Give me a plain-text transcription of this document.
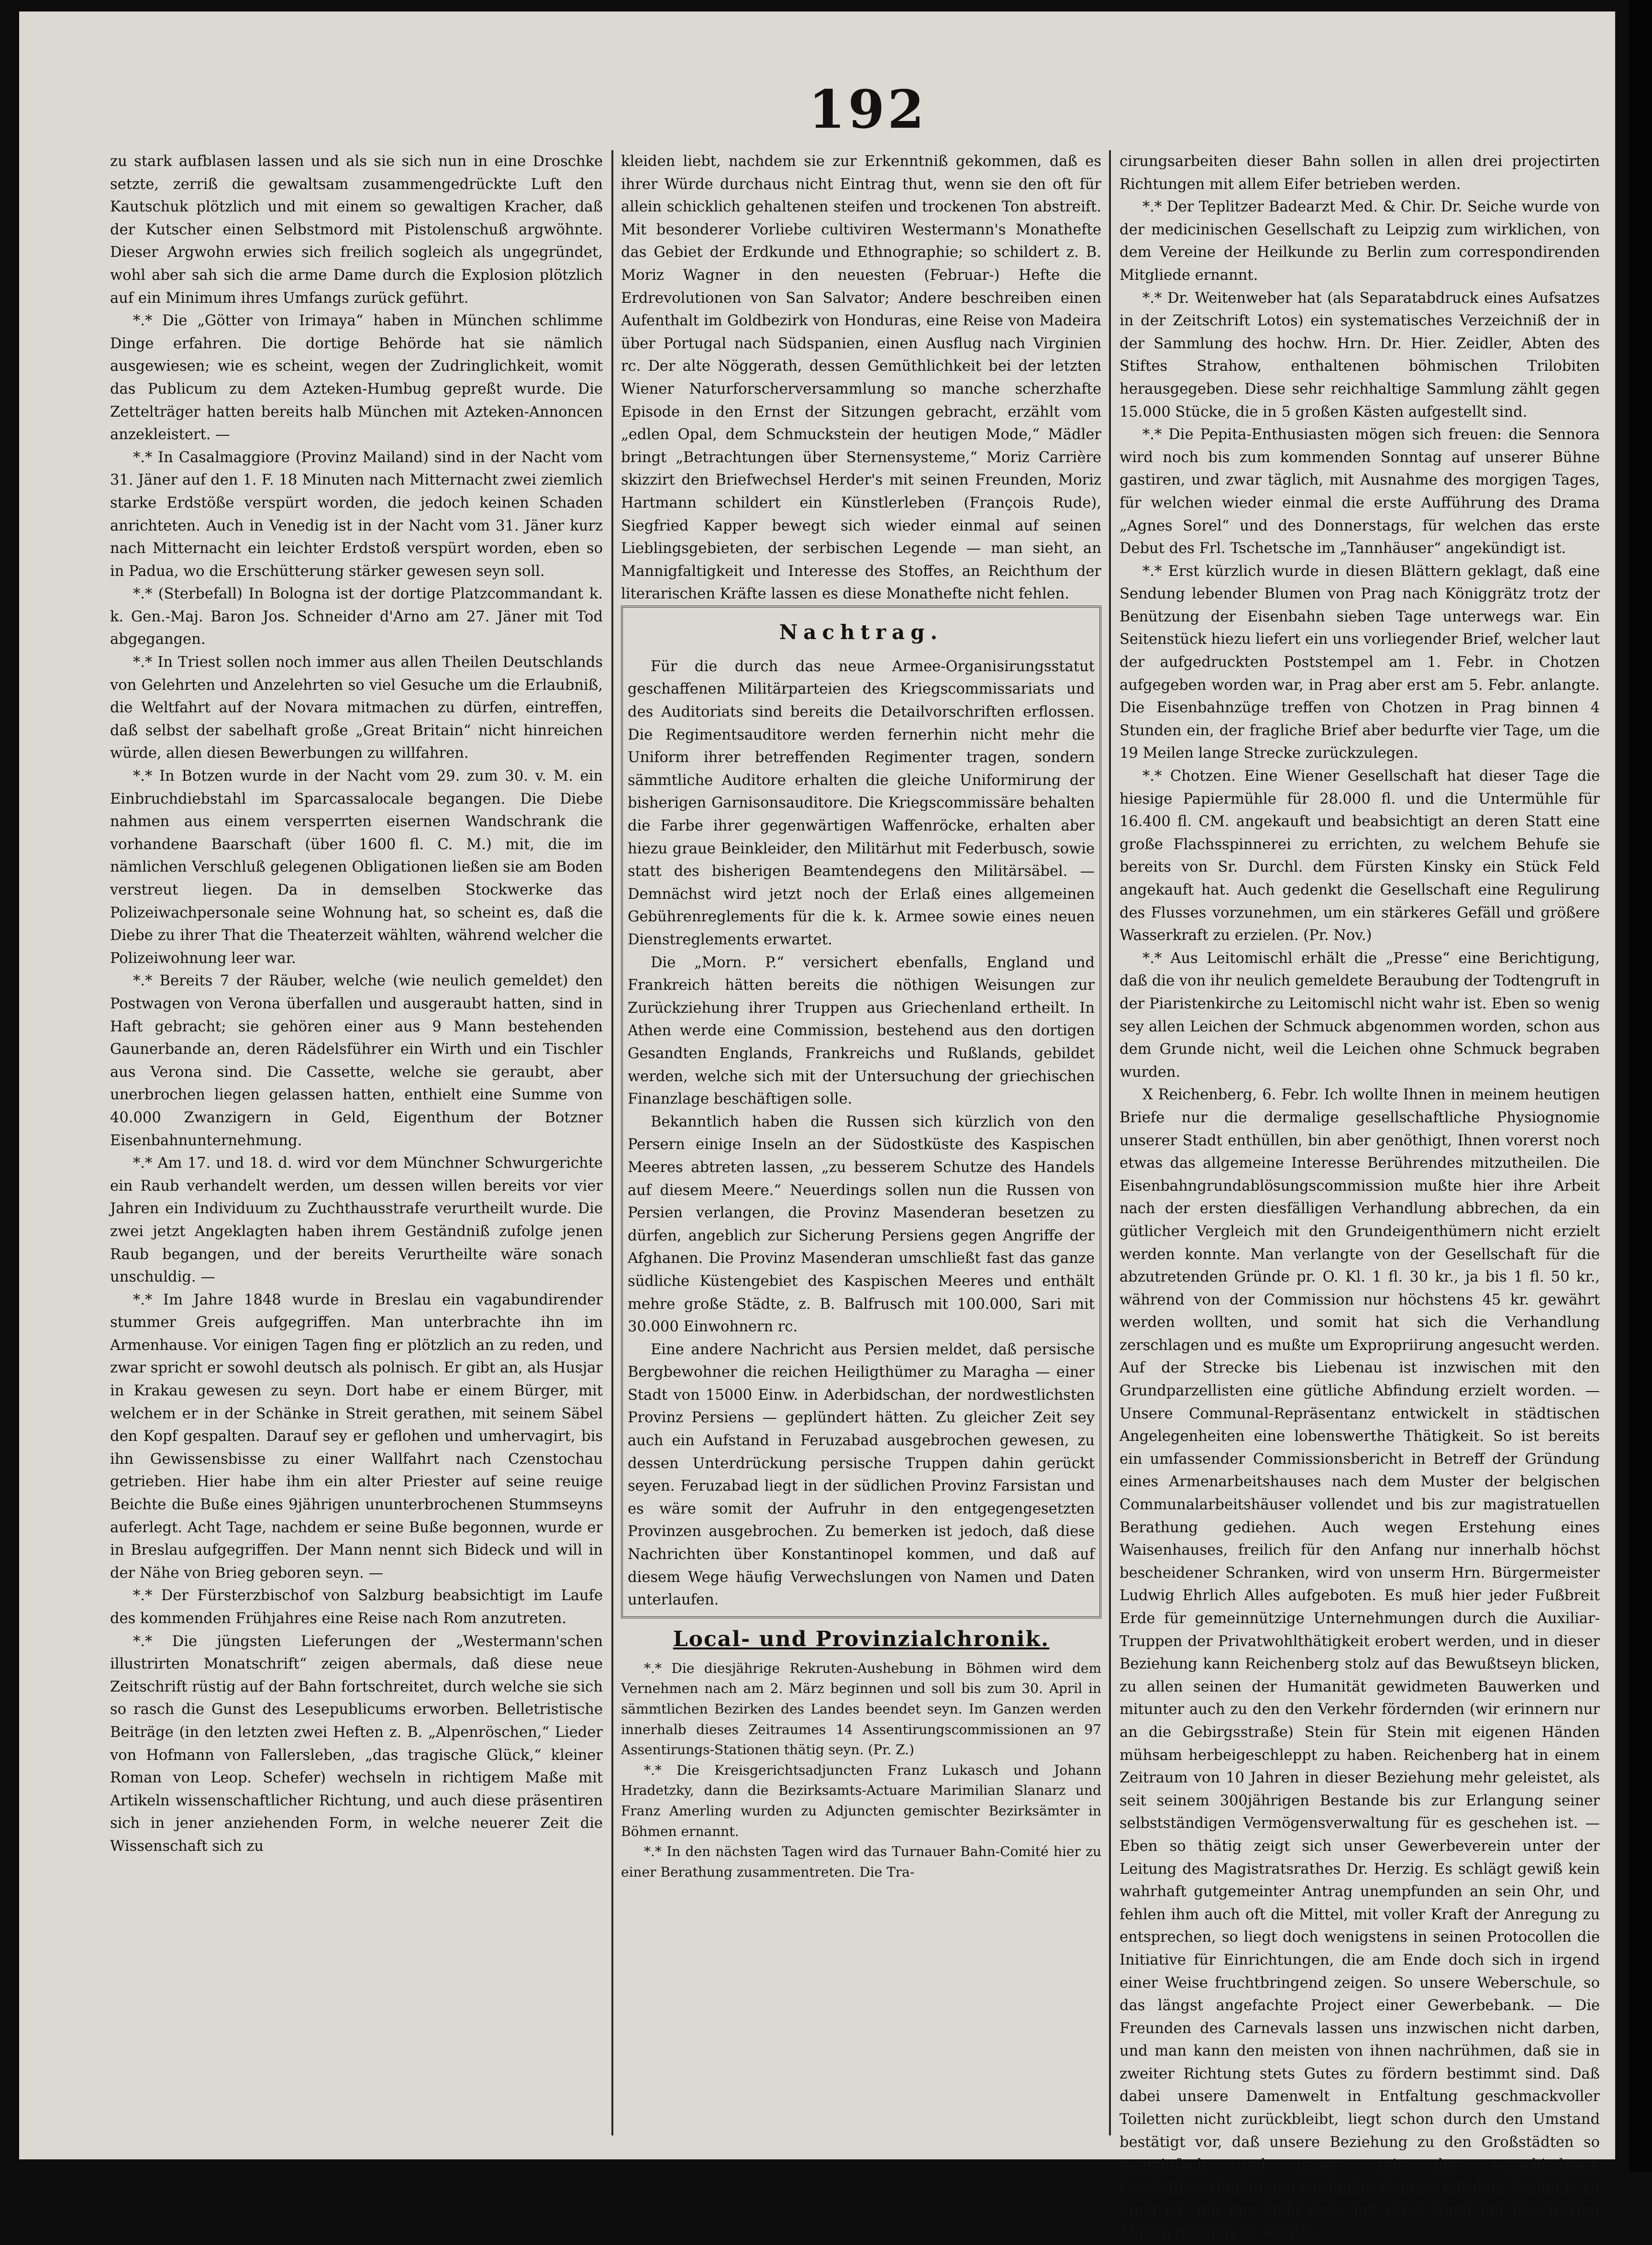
192

zu stark aufblasen lassen und als sie sich nun in eine Droschke setzte, zerriß die gewaltsam zusammengedrückte Luft den Kautschuk plötzlich und mit einem so gewaltigen Kracher, daß der Kutscher einen Selbstmord mit Pistolenschuß argwöhnte. Dieser Argwohn erwies sich freilich sogleich als ungegründet, wohl aber sah sich die arme Dame durch die Explosion plötzlich auf ein Minimum ihres Umfangs zurück geführt.

*.* Die „Götter von Irimaya“ haben in München schlimme Dinge erfahren. Die dortige Behörde hat sie nämlich ausgewiesen; wie es scheint, wegen der Zudringlichkeit, womit das Publicum zu dem Azteken-Humbug gepreßt wurde. Die Zettelträger hatten bereits halb München mit Azteken-Annoncen anzekleistert. —

*.* In Casalmaggiore (Provinz Mailand) sind in der Nacht vom 31. Jäner auf den 1. F. 18 Minuten nach Mitternacht zwei ziemlich starke Erdstöße verspürt worden, die jedoch keinen Schaden anrichteten. Auch in Venedig ist in der Nacht vom 31. Jäner kurz nach Mitternacht ein leichter Erdstoß verspürt worden, eben so in Padua, wo die Erschütterung stärker gewesen seyn soll.

*.* (Sterbefall) In Bologna ist der dortige Platzcommandant k. k. Gen.-Maj. Baron Jos. Schneider d'Arno am 27. Jäner mit Tod abgegangen.

*.* In Triest sollen noch immer aus allen Theilen Deutschlands von Gelehrten und Anzelehrten so viel Gesuche um die Erlaubniß, die Weltfahrt auf der Novara mitmachen zu dürfen, eintreffen, daß selbst der sabelhaft große „Great Britain“ nicht hinreichen würde, allen diesen Bewerbungen zu willfahren.

*.* In Botzen wurde in der Nacht vom 29. zum 30. v. M. ein Einbruchdiebstahl im Sparcassalocale begangen. Die Diebe nahmen aus einem versperrten eisernen Wandschrank die vorhandene Baarschaft (über 1600 fl. C. M.) mit, die im nämlichen Verschluß gelegenen Obligationen ließen sie am Boden verstreut liegen. Da in demselben Stockwerke das Polizeiwachpersonale seine Wohnung hat, so scheint es, daß die Diebe zu ihrer That die Theaterzeit wählten, während welcher die Polizeiwohnung leer war.

*.* Bereits 7 der Räuber, welche (wie neulich gemeldet) den Postwagen von Verona überfallen und ausgeraubt hatten, sind in Haft gebracht; sie gehören einer aus 9 Mann bestehenden Gaunerbande an, deren Rädelsführer ein Wirth und ein Tischler aus Verona sind. Die Cassette, welche sie geraubt, aber unerbrochen liegen gelassen hatten, enthielt eine Summe von 40.000 Zwanzigern in Geld, Eigenthum der Botzner Eisenbahnunternehmung.

*.* Am 17. und 18. d. wird vor dem Münchner Schwurgerichte ein Raub verhandelt werden, um dessen willen bereits vor vier Jahren ein Individuum zu Zuchthausstrafe verurtheilt wurde. Die zwei jetzt Angeklagten haben ihrem Geständniß zufolge jenen Raub begangen, und der bereits Verurtheilte wäre sonach unschuldig. —

*.* Im Jahre 1848 wurde in Breslau ein vagabundirender stummer Greis aufgegriffen. Man unterbrachte ihn im Armenhause. Vor einigen Tagen fing er plötzlich an zu reden, und zwar spricht er sowohl deutsch als polnisch. Er gibt an, als Husjar in Krakau gewesen zu seyn. Dort habe er einem Bürger, mit welchem er in der Schänke in Streit gerathen, mit seinem Säbel den Kopf gespalten. Darauf sey er geflohen und umhervagirt, bis ihn Gewissensbisse zu einer Wallfahrt nach Czenstochau getrieben. Hier habe ihm ein alter Priester auf seine reuige Beichte die Buße eines 9jährigen ununterbrochenen Stummseyns auferlegt. Acht Tage, nachdem er seine Buße begonnen, wurde er in Breslau aufgegriffen. Der Mann nennt sich Bideck und will in der Nähe von Brieg geboren seyn. —

*.* Der Fürsterzbischof von Salzburg beabsichtigt im Laufe des kommenden Frühjahres eine Reise nach Rom anzutreten.

*.* Die jüngsten Lieferungen der „Westermann'schen illustrirten Monatschrift“ zeigen abermals, daß diese neue Zeitschrift rüstig auf der Bahn fortschreitet, durch welche sie sich so rasch die Gunst des Lesepublicums erworben. Belletristische Beiträge (in den letzten zwei Heften z. B. „Alpenröschen,“ Lieder von Hofmann von Fallersleben, „das tragische Glück,“ kleiner Roman von Leop. Schefer) wechseln in richtigem Maße mit Artikeln wissenschaftlicher Richtung, und auch diese präsentiren sich in jener anziehenden Form, in welche neuerer Zeit die Wissenschaft sich zu

kleiden liebt, nachdem sie zur Erkenntniß gekommen, daß es ihrer Würde durchaus nicht Eintrag thut, wenn sie den oft für allein schicklich gehaltenen steifen und trockenen Ton abstreift. Mit besonderer Vorliebe cultiviren Westermann's Monathefte das Gebiet der Erdkunde und Ethnographie; so schildert z. B. Moriz Wagner in den neuesten (Februar-) Hefte die Erdrevolutionen von San Salvator; Andere beschreiben einen Aufenthalt im Goldbezirk von Honduras, eine Reise von Madeira über Portugal nach Südspanien, einen Ausflug nach Virginien rc. Der alte Nöggerath, dessen Gemüthlichkeit bei der letzten Wiener Naturforscherversammlung so manche scherzhafte Episode in den Ernst der Sitzungen gebracht, erzählt vom „edlen Opal, dem Schmuckstein der heutigen Mode,“ Mädler bringt „Betrachtungen über Sternensysteme,“ Moriz Carrière skizzirt den Briefwechsel Herder's mit seinen Freunden, Moriz Hartmann schildert ein Künstlerleben (François Rude), Siegfried Kapper bewegt sich wieder einmal auf seinen Lieblingsgebieten, der serbischen Legende — man sieht, an Mannigfaltigkeit und Interesse des Stoffes, an Reichthum der literarischen Kräfte lassen es diese Monathefte nicht fehlen.

Nachtrag.

Für die durch das neue Armee-Organisirungsstatut geschaffenen Militärparteien des Kriegscommissariats und des Auditoriats sind bereits die Detailvorschriften erflossen. Die Regimentsauditore werden fernerhin nicht mehr die Uniform ihrer betreffenden Regimenter tragen, sondern sämmtliche Auditore erhalten die gleiche Uniformirung der bisherigen Garnisonsauditore. Die Kriegscommissäre behalten die Farbe ihrer gegenwärtigen Waffenröcke, erhalten aber hiezu graue Beinkleider, den Militärhut mit Federbusch, sowie statt des bisherigen Beamtendegens den Militärsäbel. — Demnächst wird jetzt noch der Erlaß eines allgemeinen Gebührenreglements für die k. k. Armee sowie eines neuen Dienstreglements erwartet.

Die „Morn. P.“ versichert ebenfalls, England und Frankreich hätten bereits die nöthigen Weisungen zur Zurückziehung ihrer Truppen aus Griechenland ertheilt. In Athen werde eine Commission, bestehend aus den dortigen Gesandten Englands, Frankreichs und Rußlands, gebildet werden, welche sich mit der Untersuchung der griechischen Finanzlage beschäftigen solle.

Bekanntlich haben die Russen sich kürzlich von den Persern einige Inseln an der Südostküste des Kaspischen Meeres abtreten lassen, „zu besserem Schutze des Handels auf diesem Meere.“ Neuerdings sollen nun die Russen von Persien verlangen, die Provinz Masenderan besetzen zu dürfen, angeblich zur Sicherung Persiens gegen Angriffe der Afghanen. Die Provinz Masenderan umschließt fast das ganze südliche Küstengebiet des Kaspischen Meeres und enthält mehre große Städte, z. B. Balfrusch mit 100.000, Sari mit 30.000 Einwohnern rc.

Eine andere Nachricht aus Persien meldet, daß persische Bergbewohner die reichen Heiligthümer zu Maragha — einer Stadt von 15000 Einw. in Aderbidschan, der nordwestlichsten Provinz Persiens — geplündert hätten. Zu gleicher Zeit sey auch ein Aufstand in Feruzabad ausgebrochen gewesen, zu dessen Unterdrückung persische Truppen dahin gerückt seyen. Feruzabad liegt in der südlichen Provinz Farsistan und es wäre somit der Aufruhr in den entgegengesetzten Provinzen ausgebrochen. Zu bemerken ist jedoch, daß diese Nachrichten über Konstantinopel kommen, und daß auf diesem Wege häufig Verwechslungen von Namen und Daten unterlaufen.

Local- und Provinzialchronik.

*.* Die diesjährige Rekruten-Aushebung in Böhmen wird dem Vernehmen nach am 2. März beginnen und soll bis zum 30. April in sämmtlichen Bezirken des Landes beendet seyn. Im Ganzen werden innerhalb dieses Zeitraumes 14 Assentirungscommissionen an 97 Assentirungs-Stationen thätig seyn. (Pr. Z.)

*.* Die Kreisgerichtsadjuncten Franz Lukasch und Johann Hradetzky, dann die Bezirksamts-Actuare Marimilian Slanarz und Franz Amerling wurden zu Adjuncten gemischter Bezirksämter in Böhmen ernannt.

*.* In den nächsten Tagen wird das Turnauer Bahn-Comité hier zu einer Berathung zusammentreten. Die Tra-

cirungsarbeiten dieser Bahn sollen in allen drei projectirten Richtungen mit allem Eifer betrieben werden.

*.* Der Teplitzer Badearzt Med. & Chir. Dr. Seiche wurde von der medicinischen Gesellschaft zu Leipzig zum wirklichen, von dem Vereine der Heilkunde zu Berlin zum correspondirenden Mitgliede ernannt.

*.* Dr. Weitenweber hat (als Separatabdruck eines Aufsatzes in der Zeitschrift Lotos) ein systematisches Verzeichniß der in der Sammlung des hochw. Hrn. Dr. Hier. Zeidler, Abten des Stiftes Strahow, enthaltenen böhmischen Trilobiten herausgegeben. Diese sehr reichhaltige Sammlung zählt gegen 15.000 Stücke, die in 5 großen Kästen aufgestellt sind.

*.* Die Pepita-Enthusiasten mögen sich freuen: die Sennora wird noch bis zum kommenden Sonntag auf unserer Bühne gastiren, und zwar täglich, mit Ausnahme des morgigen Tages, für welchen wieder einmal die erste Aufführung des Drama „Agnes Sorel“ und des Donnerstags, für welchen das erste Debut des Frl. Tschetsche im „Tannhäuser“ angekündigt ist.

*.* Erst kürzlich wurde in diesen Blättern geklagt, daß eine Sendung lebender Blumen von Prag nach Königgrätz trotz der Benützung der Eisenbahn sieben Tage unterwegs war. Ein Seitenstück hiezu liefert ein uns vorliegender Brief, welcher laut der aufgedruckten Poststempel am 1. Febr. in Chotzen aufgegeben worden war, in Prag aber erst am 5. Febr. anlangte. Die Eisenbahnzüge treffen von Chotzen in Prag binnen 4 Stunden ein, der fragliche Brief aber bedurfte vier Tage, um die 19 Meilen lange Strecke zurückzulegen.

*.* Chotzen. Eine Wiener Gesellschaft hat dieser Tage die hiesige Papiermühle für 28.000 fl. und die Untermühle für 16.400 fl. CM. angekauft und beabsichtigt an deren Statt eine große Flachsspinnerei zu errichten, zu welchem Behufe sie bereits von Sr. Durchl. dem Fürsten Kinsky ein Stück Feld angekauft hat. Auch gedenkt die Gesellschaft eine Regulirung des Flusses vorzunehmen, um ein stärkeres Gefäll und größere Wasserkraft zu erzielen. (Pr. Nov.)

*.* Aus Leitomischl erhält die „Presse“ eine Berichtigung, daß die von ihr neulich gemeldete Beraubung der Todtengruft in der Piaristenkirche zu Leitomischl nicht wahr ist. Eben so wenig sey allen Leichen der Schmuck abgenommen worden, schon aus dem Grunde nicht, weil die Leichen ohne Schmuck begraben wurden.

X Reichenberg, 6. Febr. Ich wollte Ihnen in meinem heutigen Briefe nur die dermalige gesellschaftliche Physiognomie unserer Stadt enthüllen, bin aber genöthigt, Ihnen vorerst noch etwas das allgemeine Interesse Berührendes mitzutheilen. Die Eisenbahngrundablösungscommission mußte hier ihre Arbeit nach der ersten diesfälligen Verhandlung abbrechen, da ein gütlicher Vergleich mit den Grundeigenthümern nicht erzielt werden konnte. Man verlangte von der Gesellschaft für die abzutretenden Gründe pr. O. Kl. 1 fl. 30 kr., ja bis 1 fl. 50 kr., während von der Commission nur höchstens 45 kr. gewährt werden wollten, und somit hat sich die Verhandlung zerschlagen und es mußte um Expropriirung angesucht werden. Auf der Strecke bis Liebenau ist inzwischen mit den Grundparzellisten eine gütliche Abfindung erzielt worden. — Unsere Communal-Repräsentanz entwickelt in städtischen Angelegenheiten eine lobenswerthe Thätigkeit. So ist bereits ein umfassender Commissionsbericht in Betreff der Gründung eines Armenarbeitshauses nach dem Muster der belgischen Communalarbeitshäuser vollendet und bis zur magistratuellen Berathung gediehen. Auch wegen Erstehung eines Waisenhauses, freilich für den Anfang nur innerhalb höchst bescheidener Schranken, wird von unserm Hrn. Bürgermeister Ludwig Ehrlich Alles aufgeboten. Es muß hier jeder Fußbreit Erde für gemeinnützige Unternehmungen durch die Auxiliar-Truppen der Privatwohlthätigkeit erobert werden, und in dieser Beziehung kann Reichenberg stolz auf das Bewußtseyn blicken, zu allen seinen der Humanität gewidmeten Bauwerken und mitunter auch zu den den Verkehr fördernden (wir erinnern nur an die Gebirgsstraße) Stein für Stein mit eigenen Händen mühsam herbeigeschleppt zu haben. Reichenberg hat in einem Zeitraum von 10 Jahren in dieser Beziehung mehr geleistet, als seit seinem 300jährigen Bestande bis zur Erlangung seiner selbstständigen Vermögensverwaltung für es geschehen ist. — Eben so thätig zeigt sich unser Gewerbeverein unter der Leitung des Magistratsrathes Dr. Herzig. Es schlägt gewiß kein wahrhaft gutgemeinter Antrag unempfunden an sein Ohr, und fehlen ihm auch oft die Mittel, mit voller Kraft der Anregung zu entsprechen, so liegt doch wenigstens in seinen Protocollen die Initiative für Einrichtungen, die am Ende doch sich in irgend einer Weise fruchtbringend zeigen. So unsere Weberschule, so das längst angefachte Project einer Gewerbebank. — Die Freunden des Carnevals lassen uns inzwischen nicht darben, und man kann den meisten von ihnen nachrühmen, daß sie in zweiter Richtung stets Gutes zu fördern bestimmt sind. Daß dabei unsere Damenwelt in Entfaltung geschmackvoller Toiletten nicht zurückbleibt, liegt schon durch den Umstand bestätigt vor, daß unsere Beziehung zu den Großstädten so mannigfach und unsere mit den verschiedenen Geschäftsverbindungen verdankte Contact mit dem Auslande zu innig ist, um uns nicht stets mit ihrer Hand mit den letzten Moden bekannt zu werden.
